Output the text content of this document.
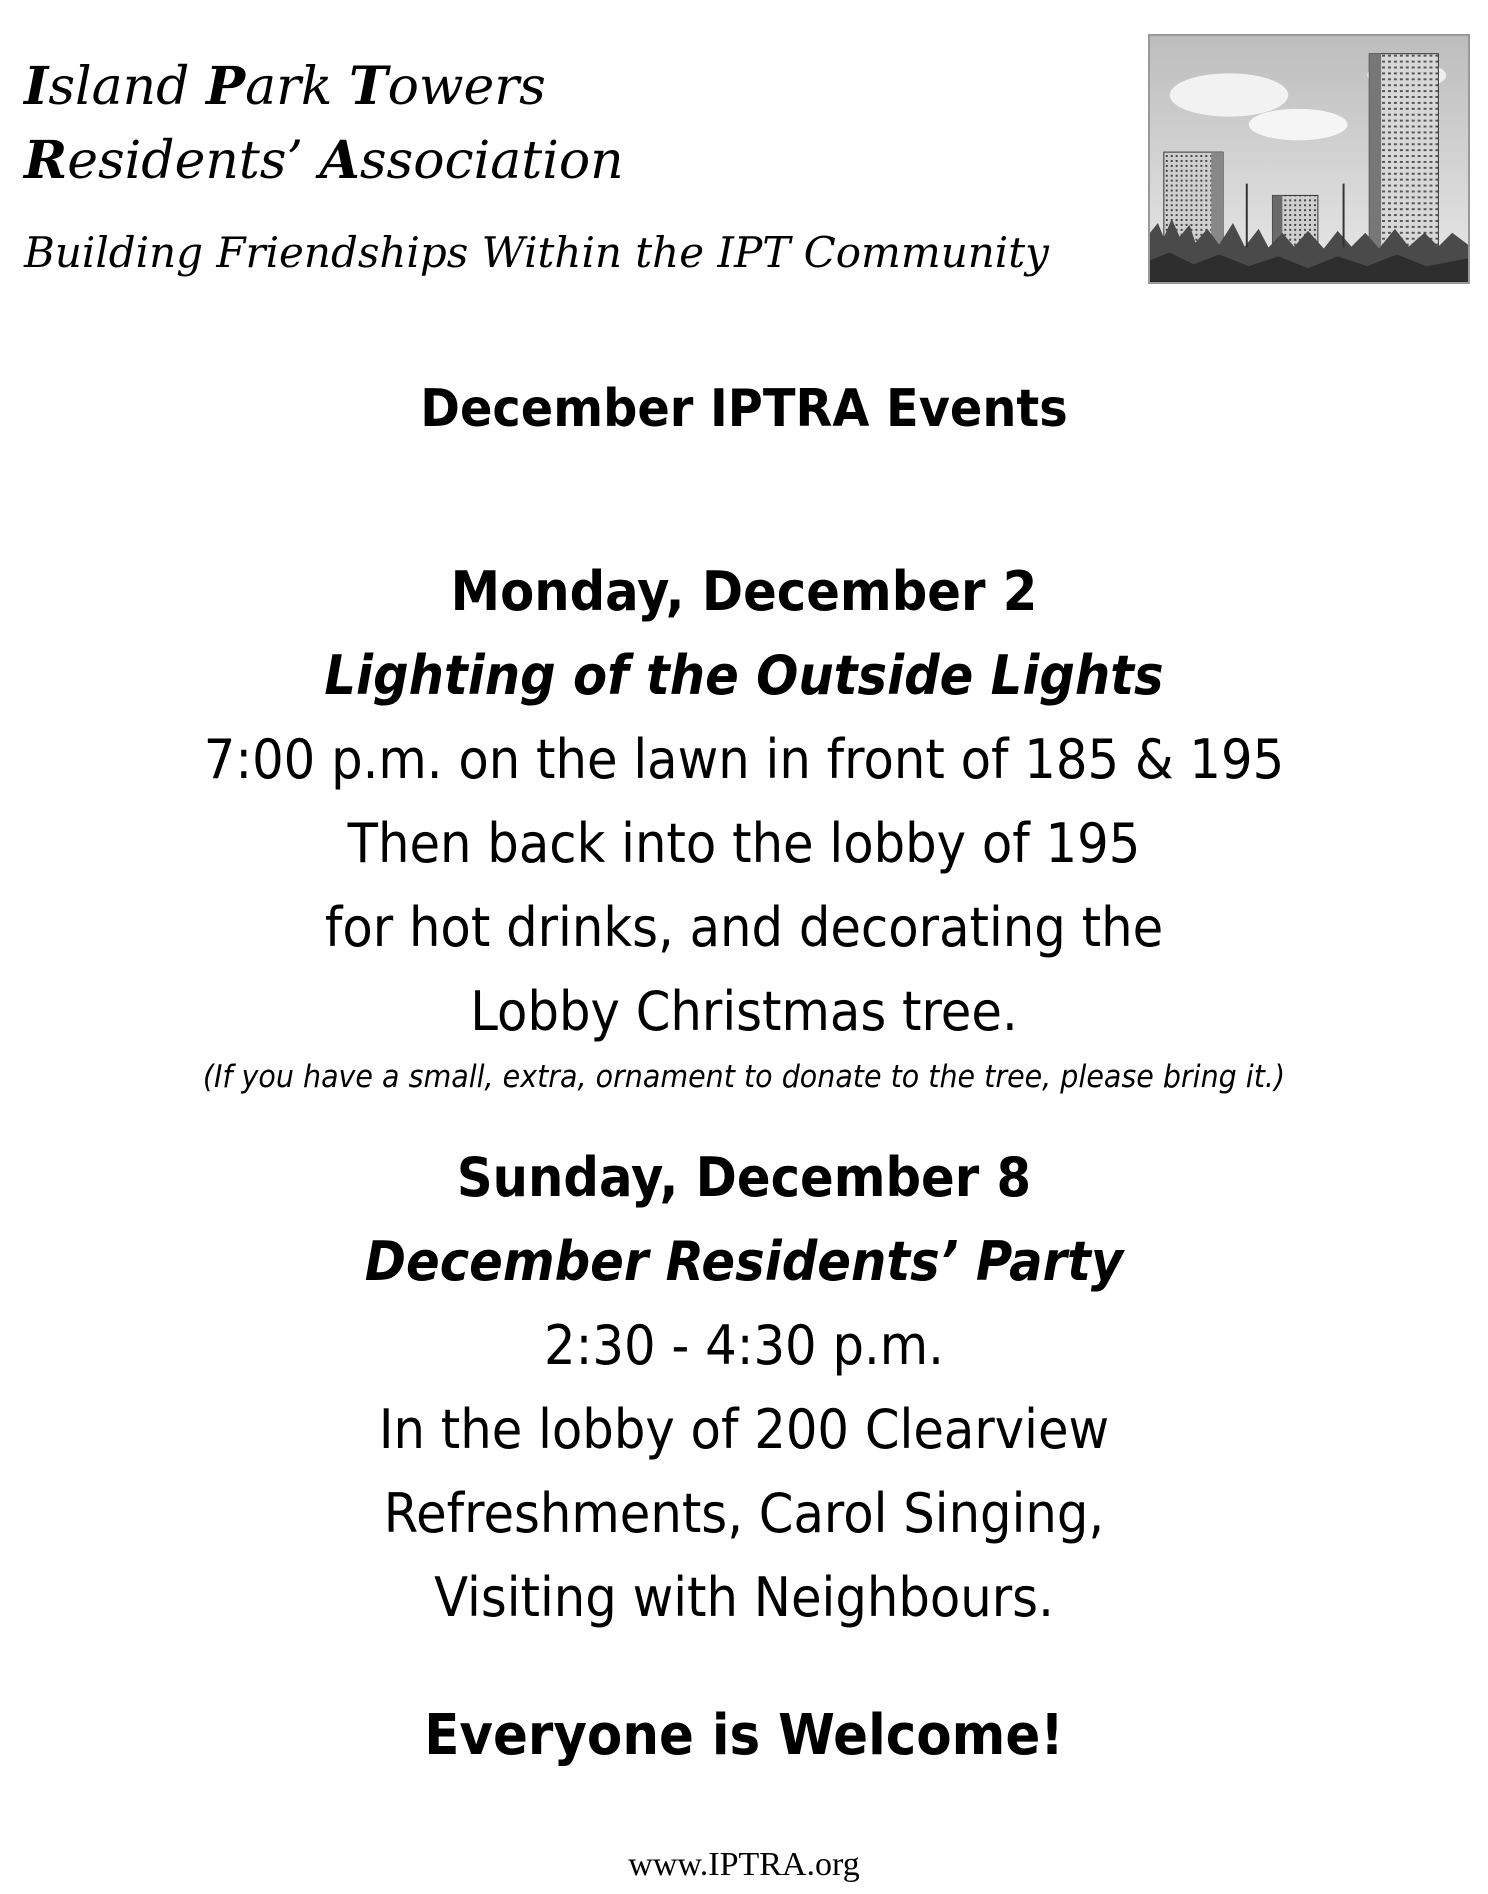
Island Park Towers

Residents’ Association

Building Friendships Within the IPT Community

December IPTRA Events

Monday, December 2

Lighting of the Outside Lights

7:00 p.m. on the lawn in front of 185 & 195

Then back into the lobby of 195

for hot drinks, and decorating the

Lobby Christmas tree.

(If you have a small, extra, ornament to donate to the tree, please bring it.)

Sunday, December 8

December Residents’ Party

2:30 - 4:30 p.m.

In the lobby of 200 Clearview

Refreshments, Carol Singing,

Visiting with Neighbours.

Everyone is Welcome!

www.IPTRA.org
